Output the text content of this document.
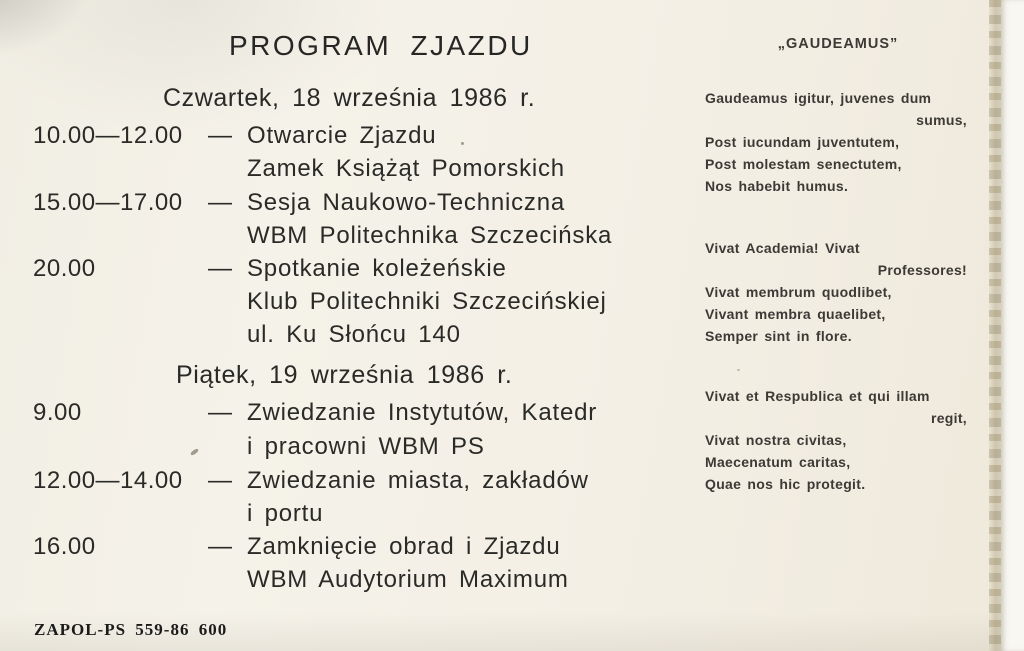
PROGRAM ZJAZDU
Czwartek, 18 września 1986 r.
10.00—12.00 — Otwarcie Zjazdu
Zamek Książąt Pomorskich
15.00—17.00 — Sesja Naukowo-Techniczna
WBM Politechnika Szczecińska
20.00	— Spotkanie koleżeńskie
Klub Politechniki Szczecińskiej
ul. Ku Słońcu 140
Piątek, 19 września 1986 r.
9.00	— Zwiedzanie Instytutów, Katedr
i pracowni WBM PS
12.00—14.00 — Zwiedzanie miasta, zakładów
i portu
16.00	— Zamknięcie obrad i Zjazdu
WBM Audytorium Maximum
ZAPOL-PS 559-86 600
„GAUDEAMUS”
Gaudeamus igitur, juvenes dum
sumus,
Post iucundam juventutem,
Post molestam senectutem,
Nos habebit humus.
Vivat Academia! Vivat
Professores!
Vivat membrum quodlibet,
Vivant membra quaelibet,
Semper sint in flore.
Vivat et Respublica et qui illam
regit,
Vivat nostra civitas,
Maecenatum caritas,
Quae nos hic protegit.
